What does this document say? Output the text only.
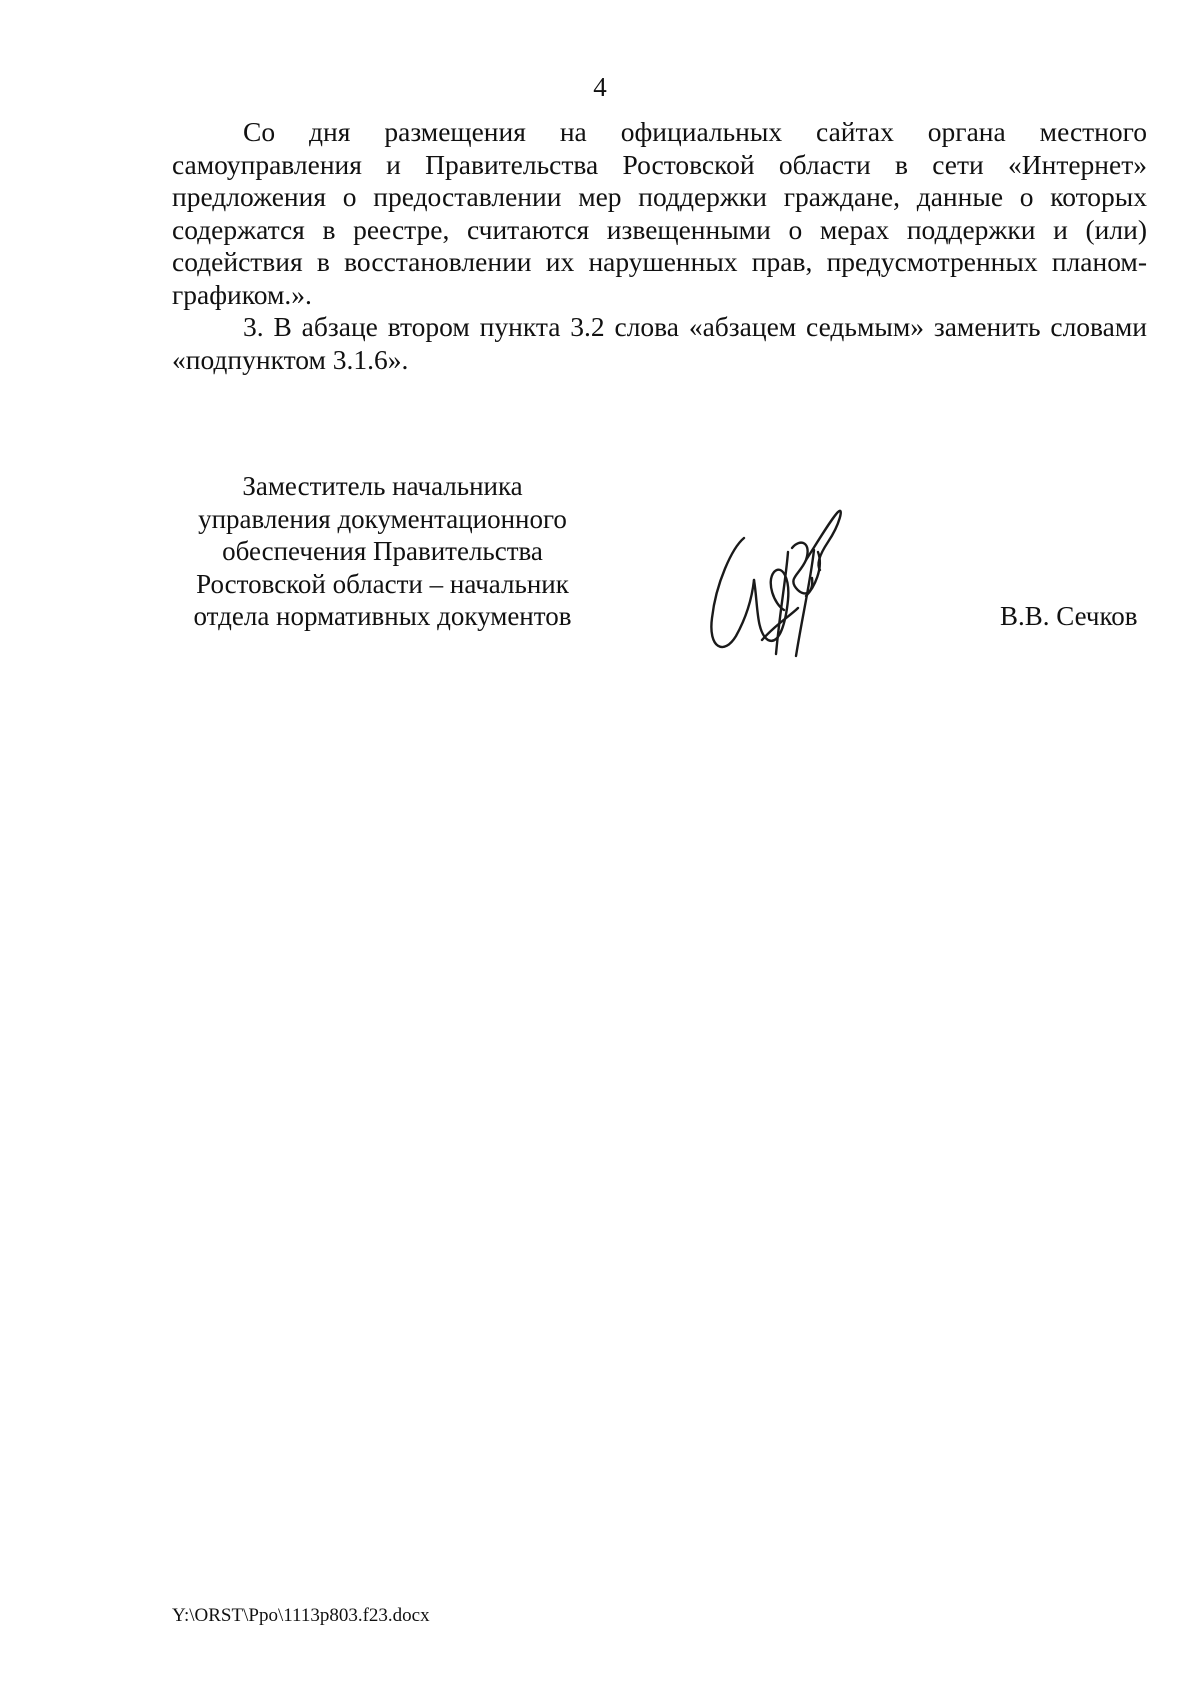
4

Со дня размещения на официальных сайтах органа местного самоуправления и Правительства Ростовской области в сети «Интернет» предложения о предоставлении мер поддержки граждане, данные о которых содержатся в реестре, считаются извещенными о мерах поддержки и (или) содействия в восстановлении их нарушенных прав, предусмотренных планом-графиком.».

3. В абзаце втором пункта 3.2 слова «абзацем седьмым» заменить словами «подпунктом 3.1.6».

Заместитель начальника
управления документационного
обеспечения Правительства
Ростовской области – начальник
отдела нормативных документов	В.В. Сечков
Y:\ORST\Ppo\1113p803.f23.docx
